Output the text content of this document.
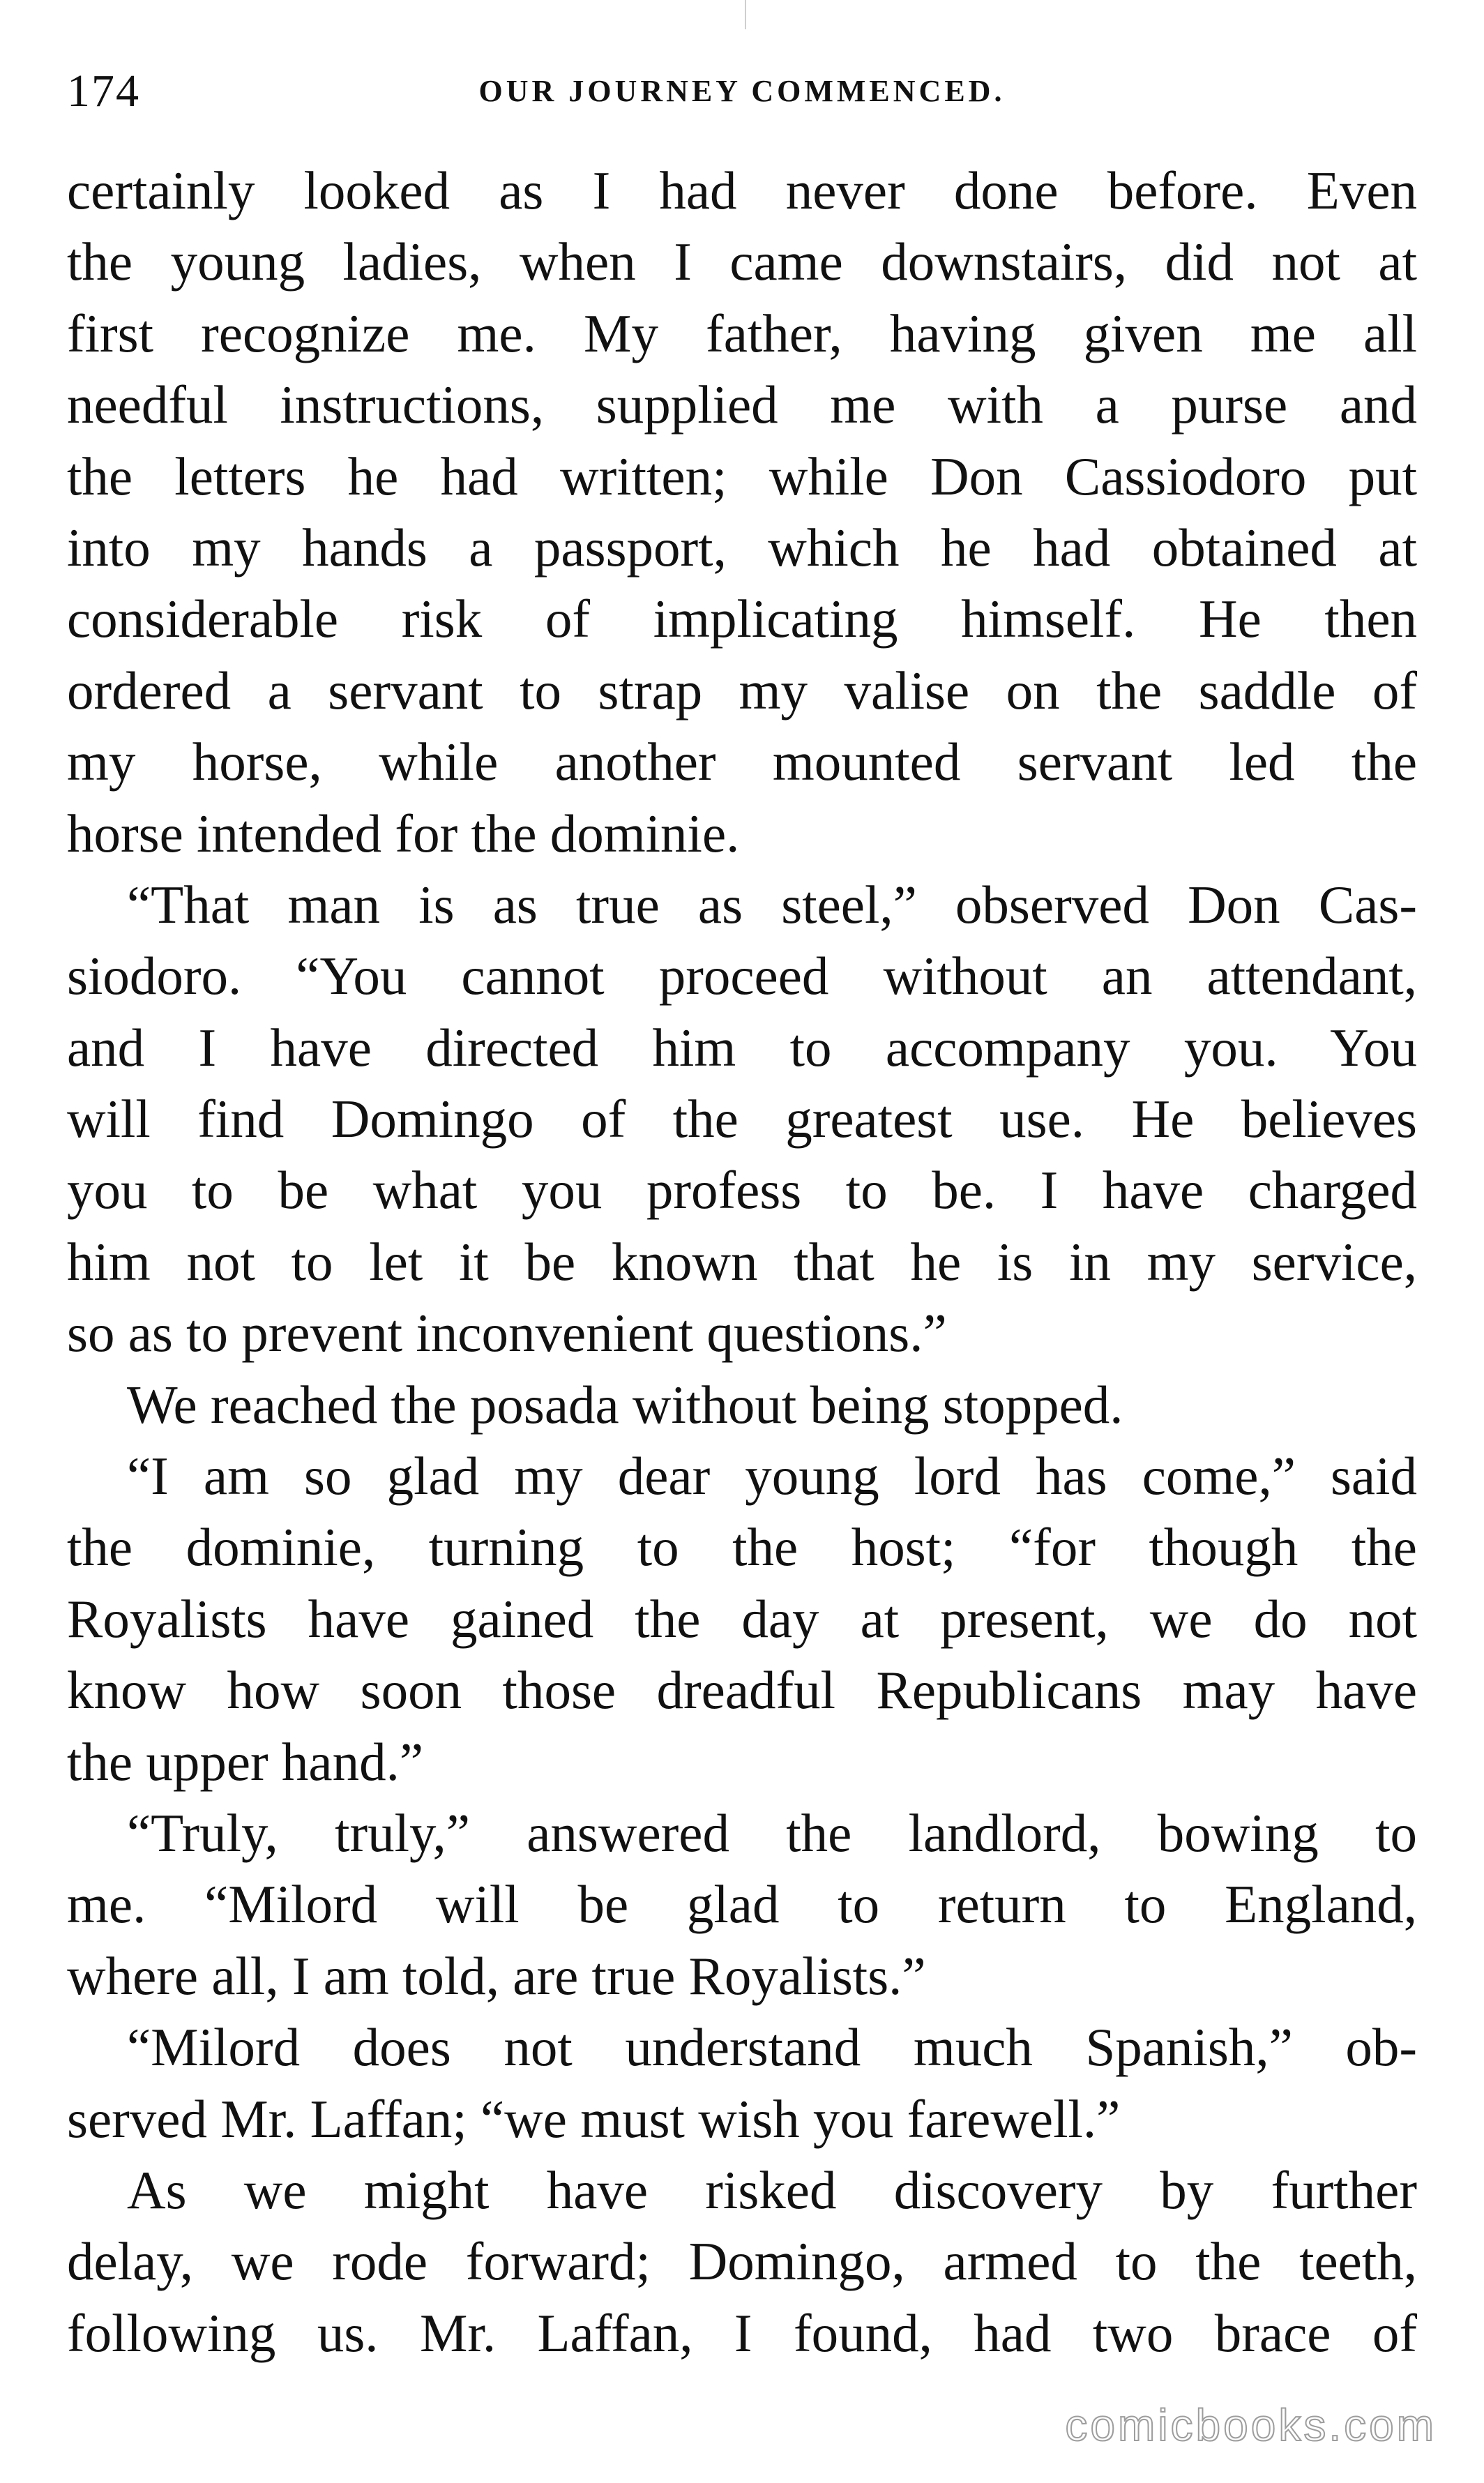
OUR JOURNEY COMMENCED.
174
certainly looked as I had never done before. Even
the young ladies, when I came downstairs, did not at
first recognize me. My father, having given me all
needful instructions, supplied me with a purse and
the letters he had written; while Don Cassiodoro put
into my hands a passport, which he had obtained at
considerable risk of implicating himself. He then
ordered a servant to strap my valise on the saddle of
my horse, while another mounted servant led the
horse intended for the dominie.
“That man is as true as steel,” observed Don Cas-
siodoro. “You cannot proceed without an attendant,
and I have directed him to accompany you. You
will find Domingo of the greatest use. He believes
you to be what you profess to be. I have charged
him not to let it be known that he is in my service,
so as to prevent inconvenient questions.”
We reached the posada without being stopped.
“I am so glad my dear young lord has come,” said
the dominie, turning to the host; “for though the
Royalists have gained the day at present, we do not
know how soon those dreadful Republicans may have
the upper hand.”
“Truly, truly,” answered the landlord, bowing to
me. “Milord will be glad to return to England,
where all, I am told, are true Royalists.”
“Milord does not understand much Spanish,” ob-
served Mr. Laffan; “we must wish you farewell.”
As we might have risked discovery by further
delay, we rode forward; Domingo, armed to the teeth,
following us. Mr. Laffan, I found, had two brace of
comicbooks.com
